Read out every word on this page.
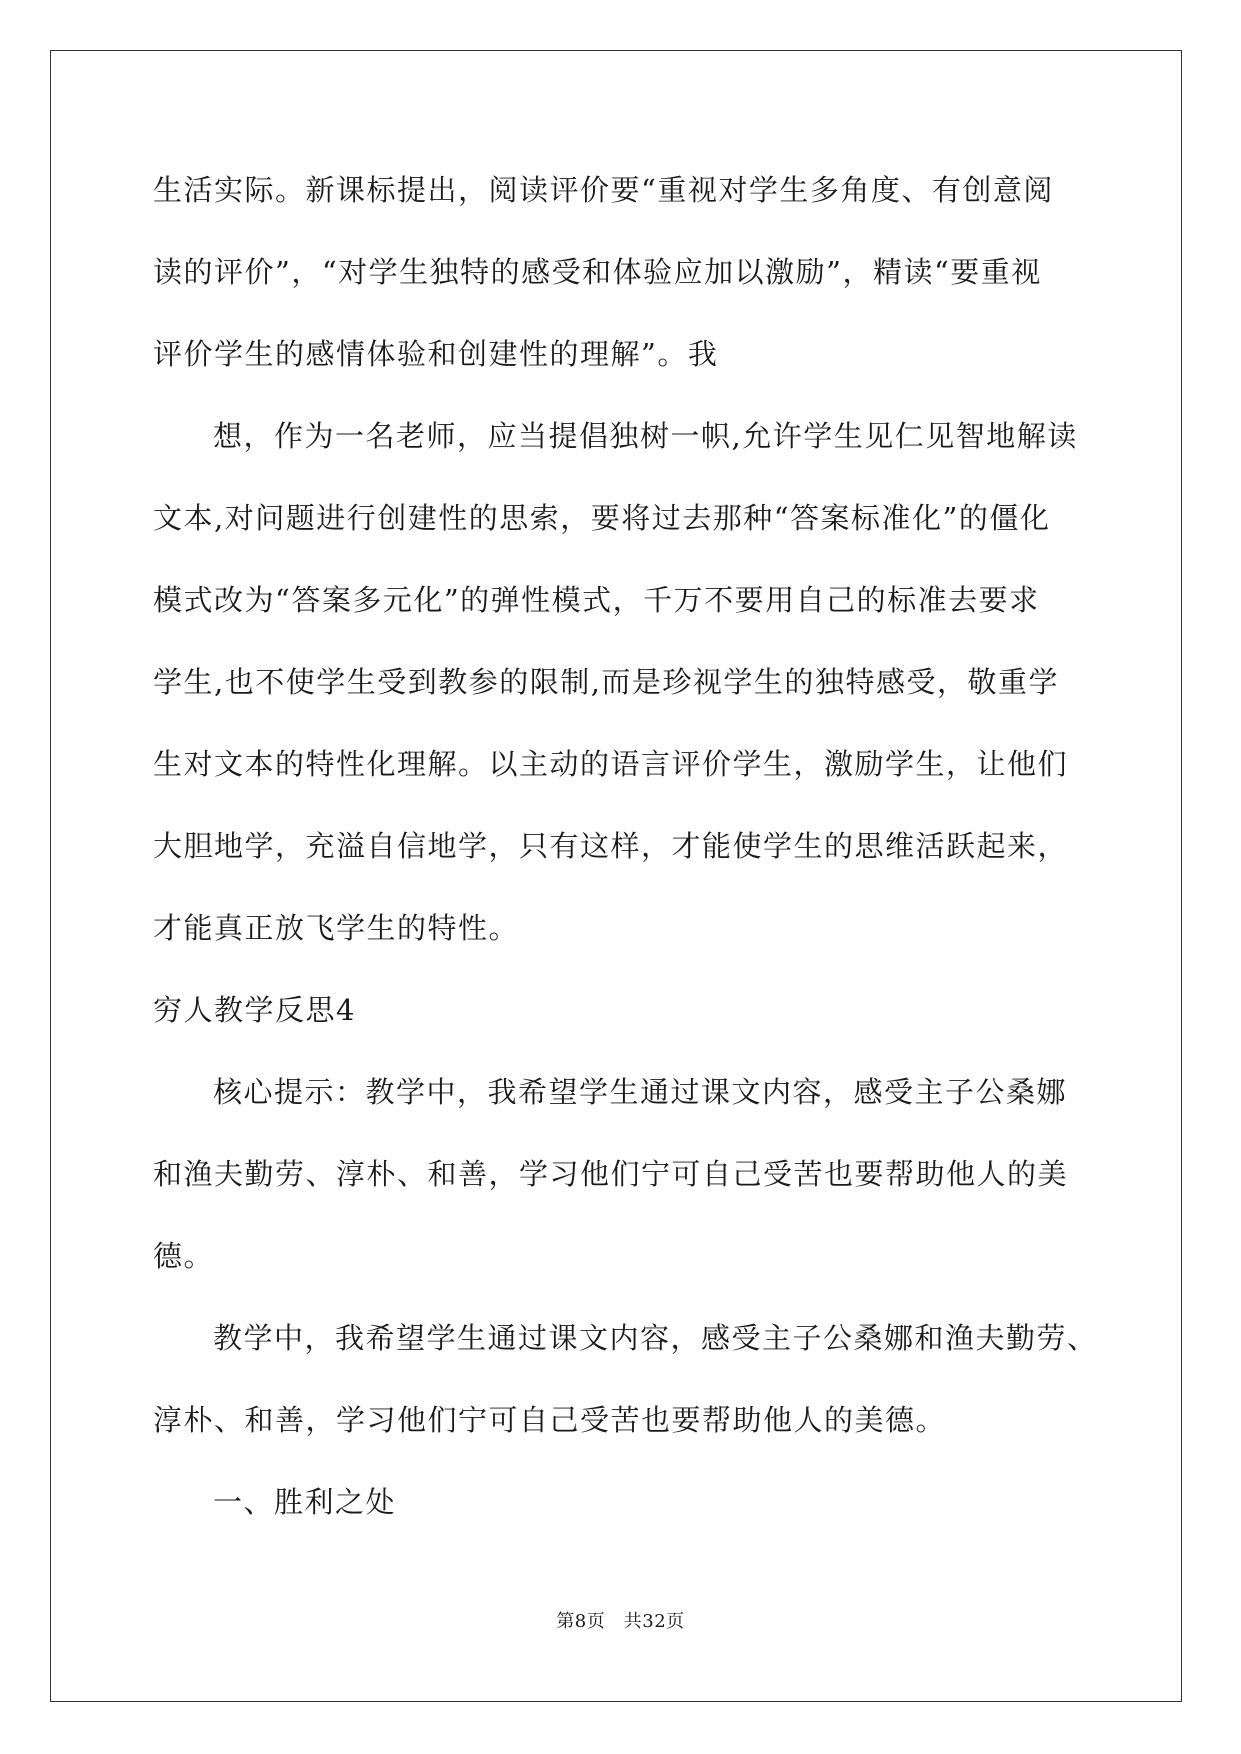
生活实际。新课标提出，阅读评价要“重视对学生多角度、有创意阅
读的评价”，“对学生独特的感受和体验应加以激励”，精读“要重视
评价学生的感情体验和创建性的理解”。我
想，作为一名老师，应当提倡独树一帜,允许学生见仁见智地解读
文本,对问题进行创建性的思索，要将过去那种“答案标准化”的僵化
模式改为“答案多元化”的弹性模式，千万不要用自己的标准去要求
学生,也不使学生受到教参的限制,而是珍视学生的独特感受，敬重学
生对文本的特性化理解。以主动的语言评价学生，激励学生，让他们
大胆地学，充溢自信地学，只有这样，才能使学生的思维活跃起来，
才能真正放飞学生的特性。
穷人教学反思4
核心提示：教学中，我希望学生通过课文内容，感受主子公桑娜
和渔夫勤劳、淳朴、和善，学习他们宁可自己受苦也要帮助他人的美
德。
教学中，我希望学生通过课文内容，感受主子公桑娜和渔夫勤劳、
淳朴、和善，学习他们宁可自己受苦也要帮助他人的美德。
一、胜利之处
第8页　共32页
